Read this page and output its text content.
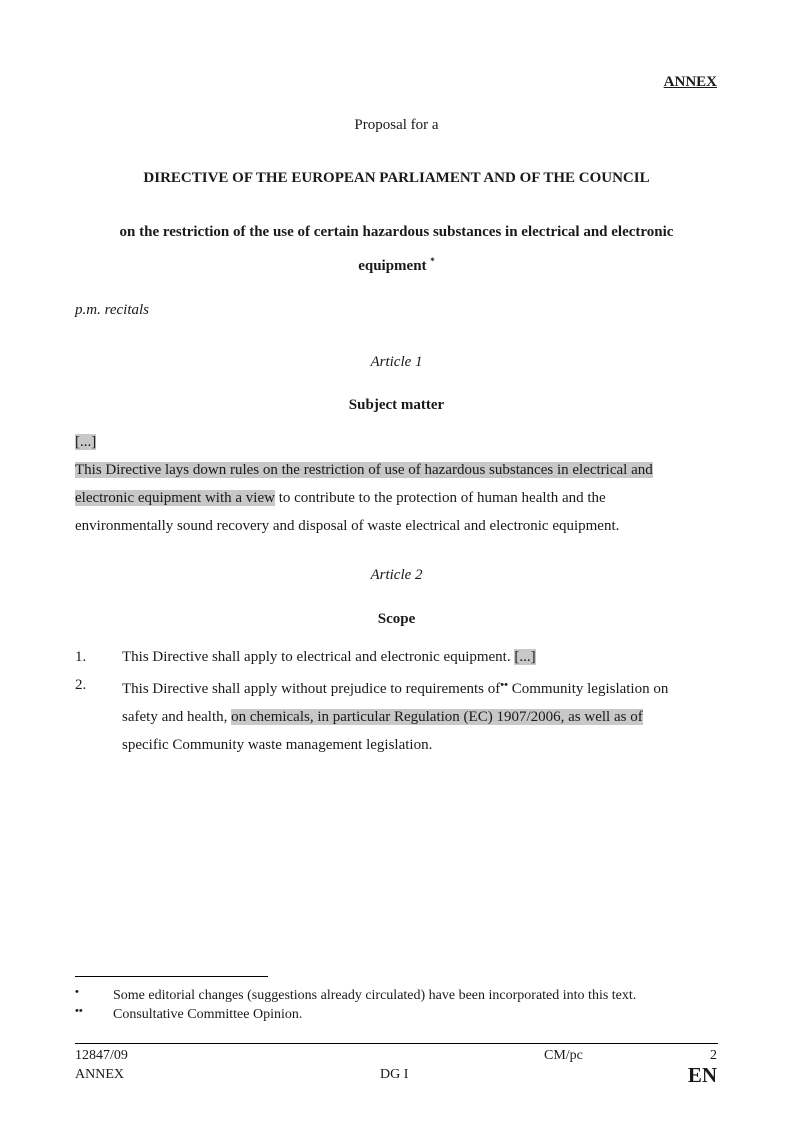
ANNEX
Proposal for a
DIRECTIVE OF THE EUROPEAN PARLIAMENT AND OF THE COUNCIL
on the restriction of the use of certain hazardous substances in electrical and electronic
equipment *
p.m. recitals
Article 1
Subject matter

[...]

This Directive lays down rules on the restriction of use of hazardous substances in electrical and

electronic equipment with a view to contribute to the protection of human health and the

environmentally sound recovery and disposal of waste electrical and electronic equipment.

Article 2
Scope
1. This Directive shall apply to electrical and electronic equipment. [...]
2. This Directive shall apply without prejudice to requirements of•• Community legislation on
safety and health, on chemicals, in particular Regulation (EC) 1907/2006, as well as of
specific Community waste management legislation.
• Some editorial changes (suggestions already circulated) have been incorporated into this text.
•• Consultative Committee Opinion.
12847/09
ANNEX
CM/pc
DG I
2
EN
